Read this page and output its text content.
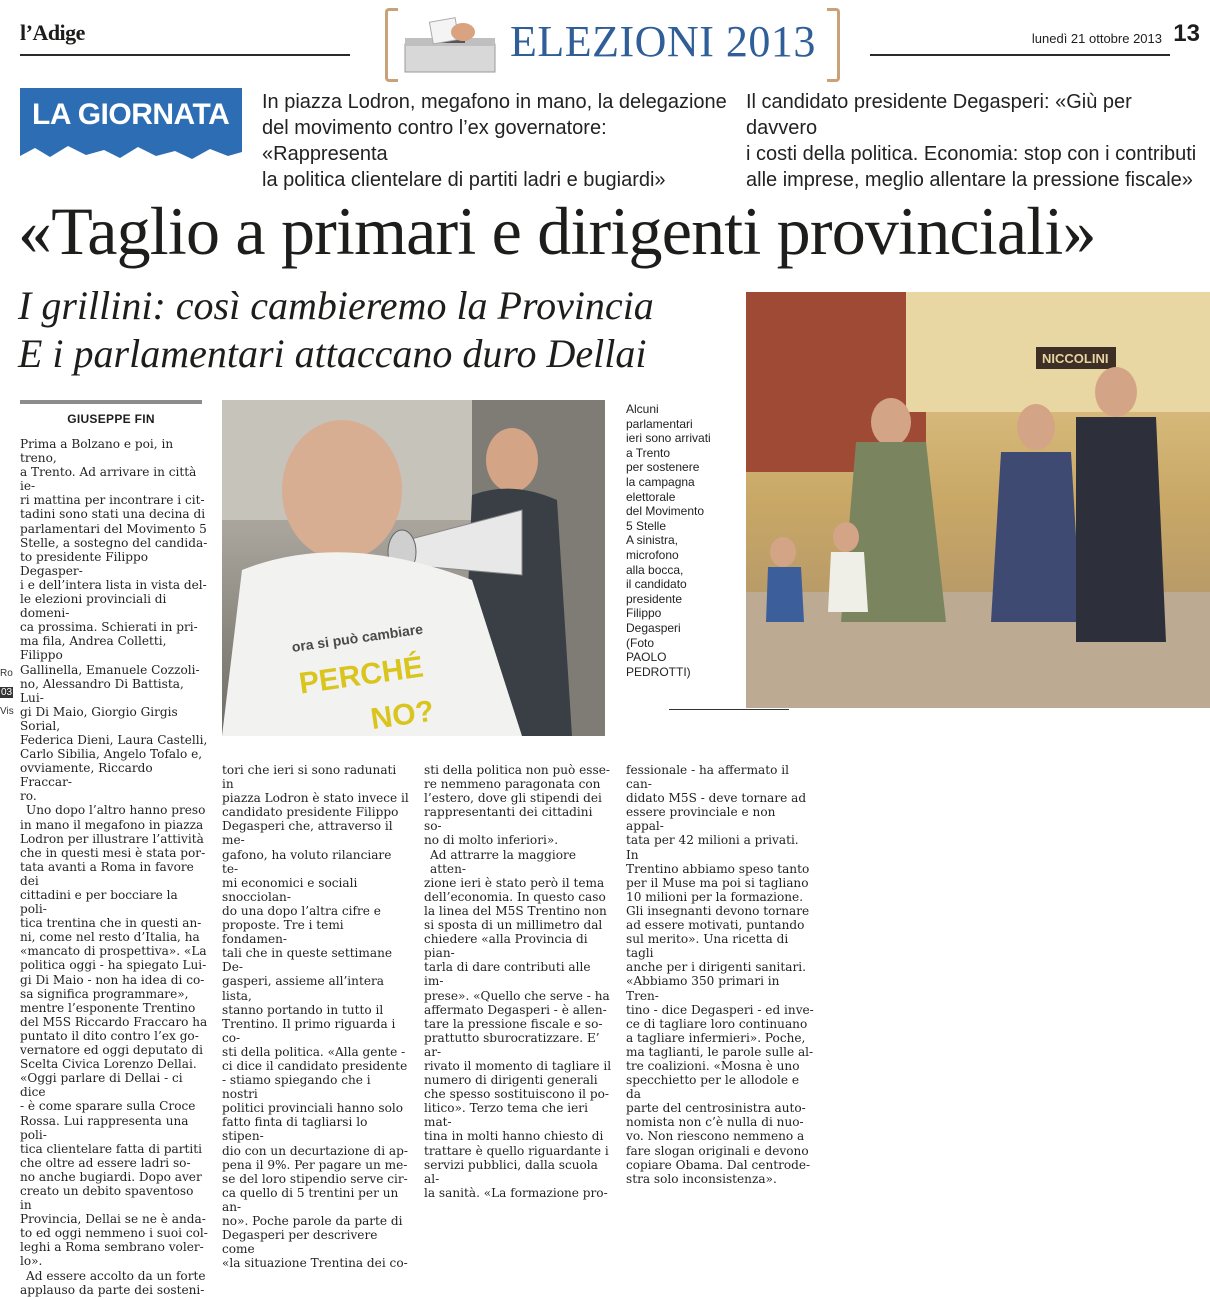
l’Adige	ELEZIONI 2013	lunedì 21 ottobre 2013 13
LA GIORNATA In piazza Lodron, megafono in mano, la delegazione
del movimento contro l’ex governatore: «Rappresenta
la politica clientelare di partiti ladri e bugiardi»
Il candidato presidente Degasperi: «Giù per davvero
i costi della politica. Economia: stop con i contributi
alle imprese, meglio allentare la pressione fiscale»
«Taglio a primari e dirigenti provinciali»
I grillini: così cambieremo la Provincia
E i parlamentari attaccano duro Dellai
GIUSEPPE FIN
Ro
03
Vis
ora si può cambiare
PERCHÉ
NO?
Alcuni
parlamentari
ieri sono arrivati
a Trento
per sostenere
la campagna
elettorale
del Movimento
5 Stelle
A sinistra,
microfono
alla bocca,
il candidato
presidente
Filippo
Degasperi
(Foto
PAOLO
PEDROTTI)
NICCOLINI
Prima a Bolzano e poi, in treno,
a Trento. Ad arrivare in città ie-
ri mattina per incontrare i cit-
tadini sono stati una decina di
parlamentari del Movimento 5
Stelle, a sostegno del candida-
to presidente Filippo Degasper-
i e dell’intera lista in vista del-
le elezioni provinciali di domeni-
ca prossima. Schierati in pri-
ma fila, Andrea Colletti, Filippo
Gallinella, Emanuele Cozzoli-
no, Alessandro Di Battista, Lui-
gi Di Maio, Giorgio Girgis Sorial,
Federica Dieni, Laura Castelli,
Carlo Sibilia, Angelo Tofalo e,
ovviamente, Riccardo Fraccar-
ro.
Uno dopo l’altro hanno preso
in mano il megafono in piazza
Lodron per illustrare l’attività
che in questi mesi è stata por-
tata avanti a Roma in favore dei
cittadini e per bocciare la poli-
tica trentina che in questi an-
ni, come nel resto d’Italia, ha
«mancato di prospettiva». «La
politica oggi - ha spiegato Lui-
gi Di Maio - non ha idea di co-
sa significa programmare»,
mentre l’esponente Trentino
del M5S Riccardo Fraccaro ha
puntato il dito contro l’ex go-
vernatore ed oggi deputato di
Scelta Civica Lorenzo Dellai.
«Oggi parlare di Dellai - ci dice
- è come sparare sulla Croce
Rossa. Lui rappresenta una poli-
tica clientelare fatta di partiti
che oltre ad essere ladri so-
no anche bugiardi. Dopo aver
creato un debito spaventoso in
Provincia, Dellai se ne è anda-
to ed oggi nemmeno i suoi col-
leghi a Roma sembrano voler-
lo».
Ad essere accolto da un forte
applauso da parte dei sosteni-
tori che ieri si sono radunati in
piazza Lodron è stato invece il
candidato presidente Filippo
Degasperi che, attraverso il me-
gafono, ha voluto rilanciare te-
mi economici e sociali snocciolan-
do una dopo l’altra cifre e
proposte. Tre i temi fondamen-
tali che in queste settimane De-
gasperi, assieme all’intera lista,
stanno portando in tutto il
Trentino. Il primo riguarda i co-
sti della politica. «Alla gente -
ci dice il candidato presidente
- stiamo spiegando che i nostri
politici provinciali hanno solo
fatto finta di tagliarsi lo stipen-
dio con un decurtazione di ap-
pena il 9%. Per pagare un me-
se del loro stipendio serve cir-
ca quello di 5 trentini per un an-
no». Poche parole da parte di
Degasperi per descrivere come
«la situazione Trentina dei co-
sti della politica non può esse-
re nemmeno paragonata con
l’estero, dove gli stipendi dei
rappresentanti dei cittadini so-
no di molto inferiori».
Ad attrarre la maggiore atten-
zione ieri è stato però il tema
dell’economia. In questo caso
la linea del M5S Trentino non
si sposta di un millimetro dal
chiedere «alla Provincia di pian-
tarla di dare contributi alle im-
prese». «Quello che serve - ha
affermato Degasperi - è allen-
tare la pressione fiscale e so-
prattutto sburocratizzare. E’ ar-
rivato il momento di tagliare il
numero di dirigenti generali
che spesso sostituiscono il po-
litico». Terzo tema che ieri mat-
tina in molti hanno chiesto di
trattare è quello riguardante i
servizi pubblici, dalla scuola al-
la sanità. «La formazione pro-
fessionale - ha affermato il can-
didato M5S - deve tornare ad
essere provinciale e non appal-
tata per 42 milioni a privati. In
Trentino abbiamo speso tanto
per il Muse ma poi si tagliano
10 milioni per la formazione.
Gli insegnanti devono tornare
ad essere motivati, puntando
sul merito». Una ricetta di tagli
anche per i dirigenti sanitari.
«Abbiamo 350 primari in Tren-
tino - dice Degasperi - ed inve-
ce di tagliare loro continuano
a tagliare infermieri». Poche,
ma taglianti, le parole sulle al-
tre coalizioni. «Mosna è uno
specchietto per le allodole e da
parte del centrosinistra auto-
nomista non c’è nulla di nuo-
vo. Non riescono nemmeno a
fare slogan originali e devono
copiare Obama. Dal centrode-
stra solo inconsistenza».
